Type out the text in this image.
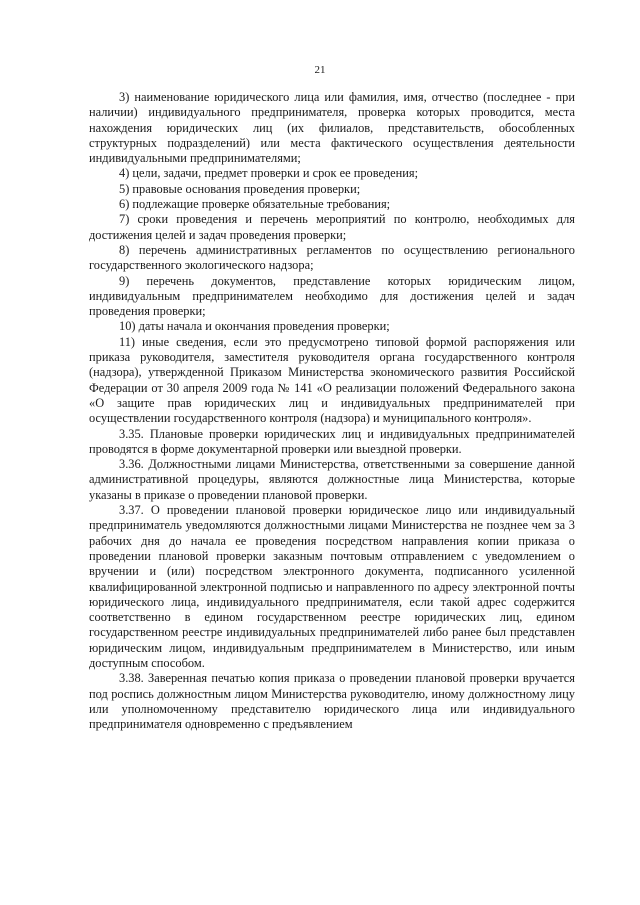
21

3) наименование юридического лица или фамилия, имя, отчество (последнее - при наличии) индивидуального предпринимателя, проверка которых проводится, места нахождения юридических лиц (их филиалов, представительств, обособленных структурных подразделений) или места фактического осуществления деятельности индивидуальными предпринимателями;

4) цели, задачи, предмет проверки и срок ее проведения;

5) правовые основания проведения проверки;

6) подлежащие проверке обязательные требования;

7) сроки проведения и перечень мероприятий по контролю, необходимых для достижения целей и задач проведения проверки;

8) перечень административных регламентов по осуществлению регионального государственного экологического надзора;

9) перечень документов, представление которых юридическим лицом, индивидуальным предпринимателем необходимо для достижения целей и задач проведения проверки;

10) даты начала и окончания проведения проверки;

11) иные сведения, если это предусмотрено типовой формой распоряжения или приказа руководителя, заместителя руководителя органа государственного контроля (надзора), утвержденной Приказом Министерства экономического развития Российской Федерации от 30 апреля 2009 года № 141 «О реализации положений Федерального закона «О защите прав юридических лиц и индивидуальных предпринимателей при осуществлении государственного контроля (надзора) и муниципального контроля».

3.35. Плановые проверки юридических лиц и индивидуальных предпринимателей проводятся в форме документарной проверки или выездной проверки.

3.36. Должностными лицами Министерства, ответственными за совершение данной административной процедуры, являются должностные лица Министерства, которые указаны в приказе о проведении плановой проверки.

3.37. О проведении плановой проверки юридическое лицо или индивидуальный предприниматель уведомляются должностными лицами Министерства не позднее чем за 3 рабочих дня до начала ее проведения посредством направления копии приказа о проведении плановой проверки заказным почтовым отправлением с уведомлением о вручении и (или) посредством электронного документа, подписанного усиленной квалифицированной электронной подписью и направленного по адресу электронной почты юридического лица, индивидуального предпринимателя, если такой адрес содержится соответственно в едином государственном реестре юридических лиц, едином государственном реестре индивидуальных предпринимателей либо ранее был представлен юридическим лицом, индивидуальным предпринимателем в Министерство, или иным доступным способом.

3.38. Заверенная печатью копия приказа о проведении плановой проверки вручается под роспись должностным лицом Министерства руководителю, иному должностному лицу или уполномоченному представителю юридического лица или индивидуального предпринимателя одновременно с предъявлением
